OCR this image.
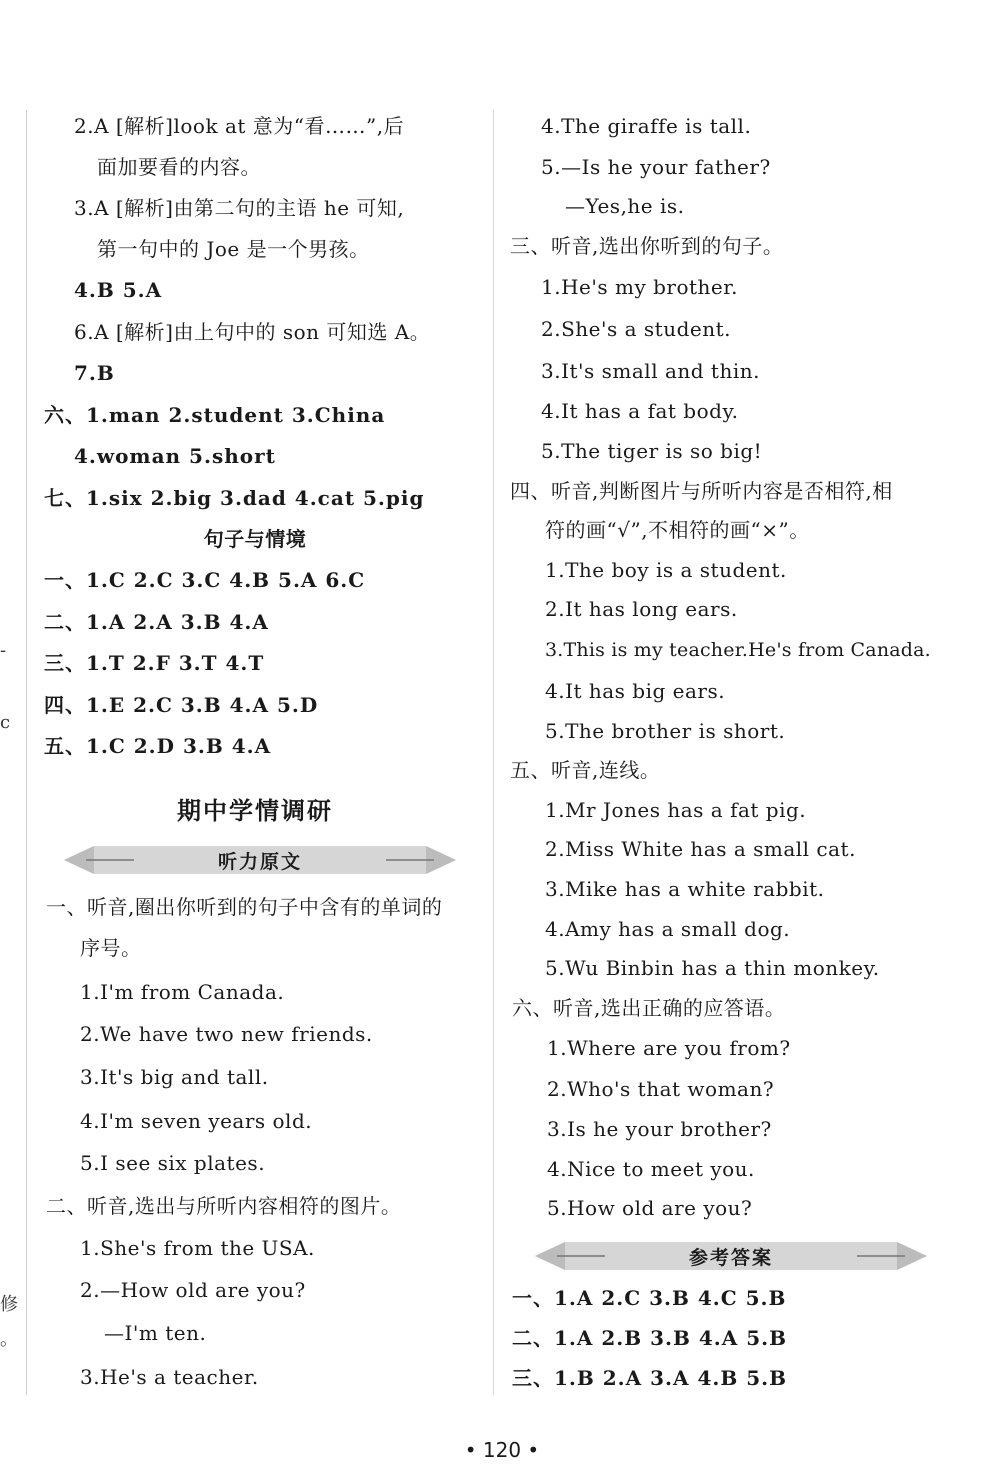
-
c
修
。
2.A [解析]look at 意为“看……”,后
面加要看的内容。
3.A [解析]由第二句的主语 he 可知,
第一句中的 Joe 是一个男孩。
4.B 5.A
6.A [解析]由上句中的 son 可知选 A。
7.B
六、1.man 2.student 3.China
4.woman 5.short
七、1.six 2.big 3.dad 4.cat 5.pig
句子与情境
一、1.C 2.C 3.C 4.B 5.A 6.C
二、1.A 2.A 3.B 4.A
三、1.T 2.F 3.T 4.T
四、1.E 2.C 3.B 4.A 5.D
五、1.C 2.D 3.B 4.A
期中学情调研
听力原文
一、听音,圈出你听到的句子中含有的单词的
序号。
1.I'm from Canada.
2.We have two new friends.
3.It's big and tall.
4.I'm seven years old.
5.I see six plates.
二、听音,选出与所听内容相符的图片。
1.She's from the USA.
2.—How old are you?
—I'm ten.
3.He's a teacher.
4.The giraffe is tall.
5.—Is he your father?
—Yes,he is.
三、听音,选出你听到的句子。
1.He's my brother.
2.She's a student.
3.It's small and thin.
4.It has a fat body.
5.The tiger is so big!
四、听音,判断图片与所听内容是否相符,相
符的画“√”,不相符的画“×”。
1.The boy is a student.
2.It has long ears.
3.This is my teacher.He's from Canada.
4.It has big ears.
5.The brother is short.
五、听音,连线。
1.Mr Jones has a fat pig.
2.Miss White has a small cat.
3.Mike has a white rabbit.
4.Amy has a small dog.
5.Wu Binbin has a thin monkey.
六、听音,选出正确的应答语。
1.Where are you from?
2.Who's that woman?
3.Is he your brother?
4.Nice to meet you.
5.How old are you?
参考答案
一、1.A 2.C 3.B 4.C 5.B
二、1.A 2.B 3.B 4.A 5.B
三、1.B 2.A 3.A 4.B 5.B
• 120 •
